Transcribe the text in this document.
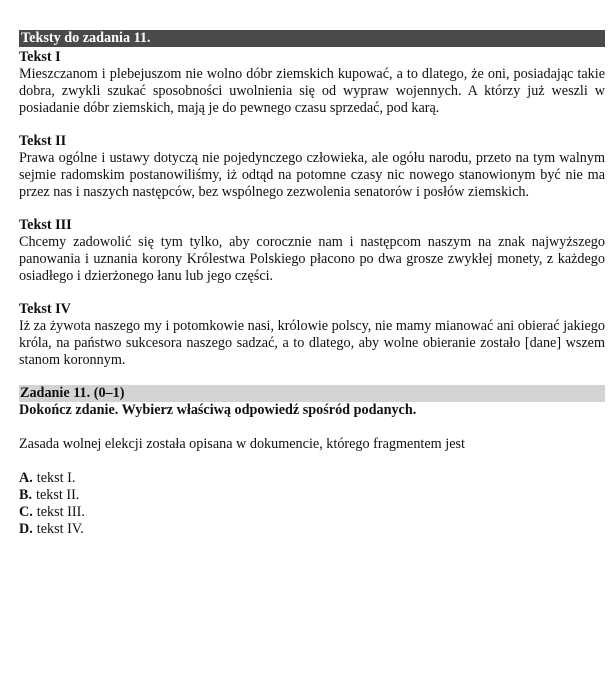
Teksty do zadania 11.
Tekst I
Mieszczanom i plebejuszom nie wolno dóbr ziemskich kupować, a to dlatego, że oni, posiadając takie dobra, zwykli szukać sposobności uwolnienia się od wypraw wojennych. A którzy już weszli w posiadanie dóbr ziemskich, mają je do pewnego czasu sprzedać, pod karą.
Tekst II
Prawa ogólne i ustawy dotyczą nie pojedynczego człowieka, ale ogółu narodu, przeto na tym walnym sejmie radomskim postanowiliśmy, iż odtąd na potomne czasy nic nowego stanowionym być nie ma przez nas i naszych następców, bez wspólnego zezwolenia senatorów i posłów ziemskich.
Tekst III
Chcemy zadowolić się tym tylko, aby corocznie nam i następcom naszym na znak najwyższego panowania i uznania korony Królestwa Polskiego płacono po dwa grosze zwykłej monety, z każdego osiadłego i dzierżonego łanu lub jego części.
Tekst IV
Iż za żywota naszego my i potomkowie nasi, królowie polscy, nie mamy mianować ani obierać jakiego króla, na państwo sukcesora naszego sadzać, a to dlatego, aby wolne obieranie zostało [dane] wszem stanom koronnym.
Zadanie 11. (0–1)
Dokończ zdanie. Wybierz właściwą odpowiedź spośród podanych.
Zasada wolnej elekcji została opisana w dokumencie, którego fragmentem jest
A. tekst I.
B. tekst II.
C. tekst III.
D. tekst IV.
